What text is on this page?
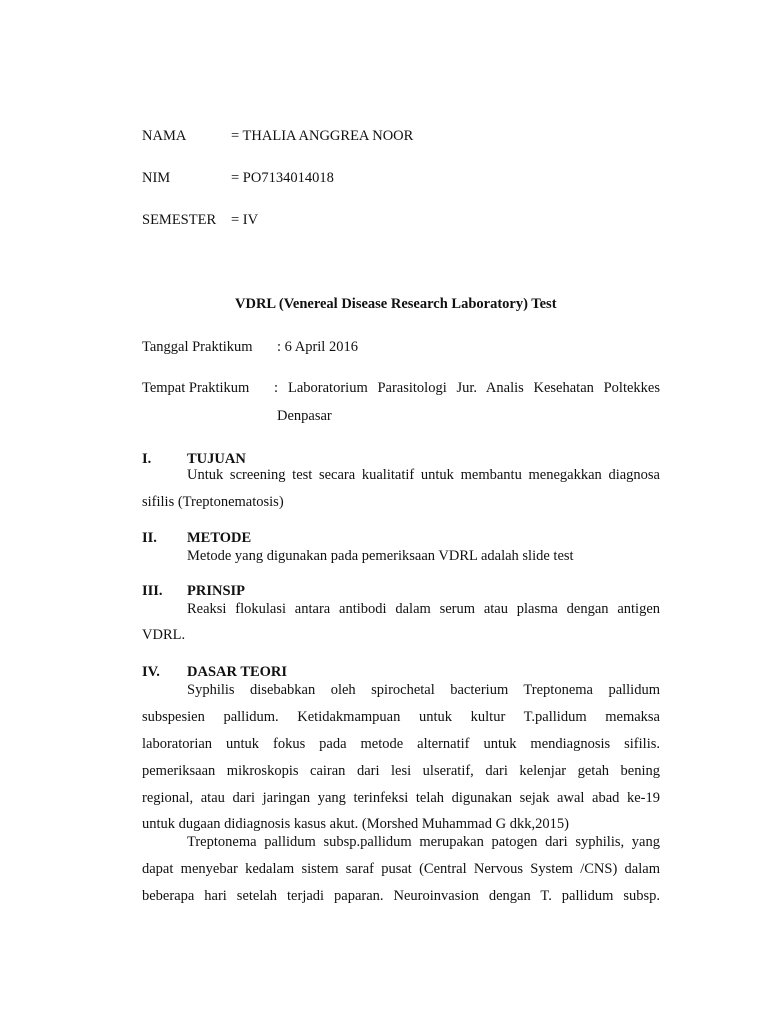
NAMA	= THALIA ANGGREA NOOR
NIM	= PO7134014018
SEMESTER = IV
VDRL (Venereal Disease Research Laboratory) Test
Tanggal Praktikum : 6 April 2016
Tempat Praktikum : Laboratorium Parasitologi Jur. Analis Kesehatan Poltekkes
Denpasar
I. TUJUAN
Untuk screening test secara kualitatif untuk membantu menegakkan diagnosa
sifilis (Treptonematosis)
II. METODE
Metode yang digunakan pada pemeriksaan VDRL adalah slide test
III. PRINSIP
Reaksi flokulasi antara antibodi dalam serum atau plasma dengan antigen
VDRL.
IV. DASAR TEORI
Syphilis disebabkan oleh spirochetal bacterium Treptonema pallidum
subspesien pallidum. Ketidakmampuan untuk kultur T.pallidum memaksa
laboratorian untuk fokus pada metode alternatif untuk mendiagnosis sifilis.
pemeriksaan mikroskopis cairan dari lesi ulseratif, dari kelenjar getah bening
regional, atau dari jaringan yang terinfeksi telah digunakan sejak awal abad ke-19
untuk dugaan didiagnosis kasus akut. (Morshed Muhammad G dkk,2015)
Treptonema pallidum subsp.pallidum merupakan patogen dari syphilis, yang
dapat menyebar kedalam sistem saraf pusat (Central Nervous System /CNS) dalam
beberapa hari setelah terjadi paparan. Neuroinvasion dengan T. pallidum subsp.
